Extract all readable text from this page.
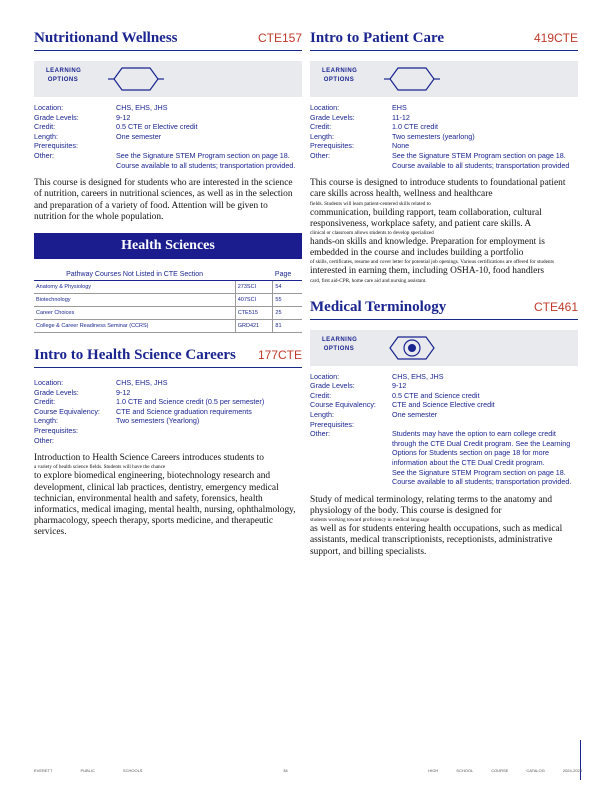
Nutritionand Wellness	CTE157
LEARNING OPTIONS
Location:	CHS, EHS, JHS
Grade Levels:	9-12
Credit:	0.5 CTE or Elective credit
Length:	One semester
Prerequisites:
Other:	See the Signature STEM Program section on page 18. Course available to all students; transportation provided.

This course is designed for students who are interested in the science of nutrition, careers in nutritional sciences, as well as in the selection and preparation of a variety of food. Attention will be given to nutrition for the whole population.

Health Sciences
Pathway Courses Not Listed in CTE Section		Page
Anatomy & Physiology	273SCI	54
Biotechnology	407SCI	55
Career Choices	CTE515	25
College & Career Readiness Seminar (CCRS)	GRD421	81
Intro to Health Science Careers 177CTE
Location:	CHS, EHS, JHS
Grade Levels:	9-12
Credit:	1.0 CTE and Science credit (0.5 per semester)
Course Equivalency:	CTE and Science graduation requirements
Length:	Two semesters (Yearlong)
Prerequisites:
Other:

Introduction to Health Science Careers introduces students to
a variety of health science fields. Students will have the chance
to explore biomedical engineering, biotechnology research and development, clinical lab practices, dentistry, emergency medical technician, environmental health and safety, forensics, health informatics, medical imaging, mental health, nursing, ophthalmology, pharmacology, speech therapy, sports medicine, and therapeutic services.

Intro to Patient Care	419CTE
LEARNING OPTIONS
Location:	EHS
Grade Levels:	11-12
Credit:	1.0 CTE credit
Length:	Two semesters (yearlong)
Prerequisites:	None
Other:	See the Signature STEM Program section on page 18. Course available to all students; transportation provided

This course is designed to introduce students to foundational patient care skills across health, wellness and healthcare
fields. Students will learn patient-centered skills related to
communication, building rapport, team collaboration, cultural responsiveness, workplace safety, and patient care skills. A
clinical or classroom allows students to develop specialized
hands-on skills and knowledge. Preparation for employment is embedded in the course and includes building a portfolio
of skills, certificates, resume and cover letter for potential job openings. Various certifications are offered for students
interested in earning them, including OSHA-10, food handlers
card, first aid-CPR, home care aid and nursing assistant.

Medical Terminology	CTE461
LEARNING OPTIONS
Location:	CHS, EHS, JHS
Grade Levels:	9-12
Credit:	0.5 CTE and Science credit
Course Equivalency:	CTE and Science Elective credit
Length:	One semester
Prerequisites:
Other:	Students may have the option to earn college credit through the CTE Dual Credit program. See the Learning Options for Students section on page 18 for more information about the CTE Dual Credit program.
See the Signature STEM Program section on page 18. Course available to all students; transportation provided.

Study of medical terminology, relating terms to the anatomy and physiology of the body. This course is designed for
students working toward proficiency in medical language
as well as for students entering health occupations, such as medical assistants, medical transcriptionists, receptionists, administrative support, and billing specialists.

EVERETT	PUBLIC	SCHOOLS	38	HIGH	SCHOOL	COURSE	CATALOG	2024-2025
